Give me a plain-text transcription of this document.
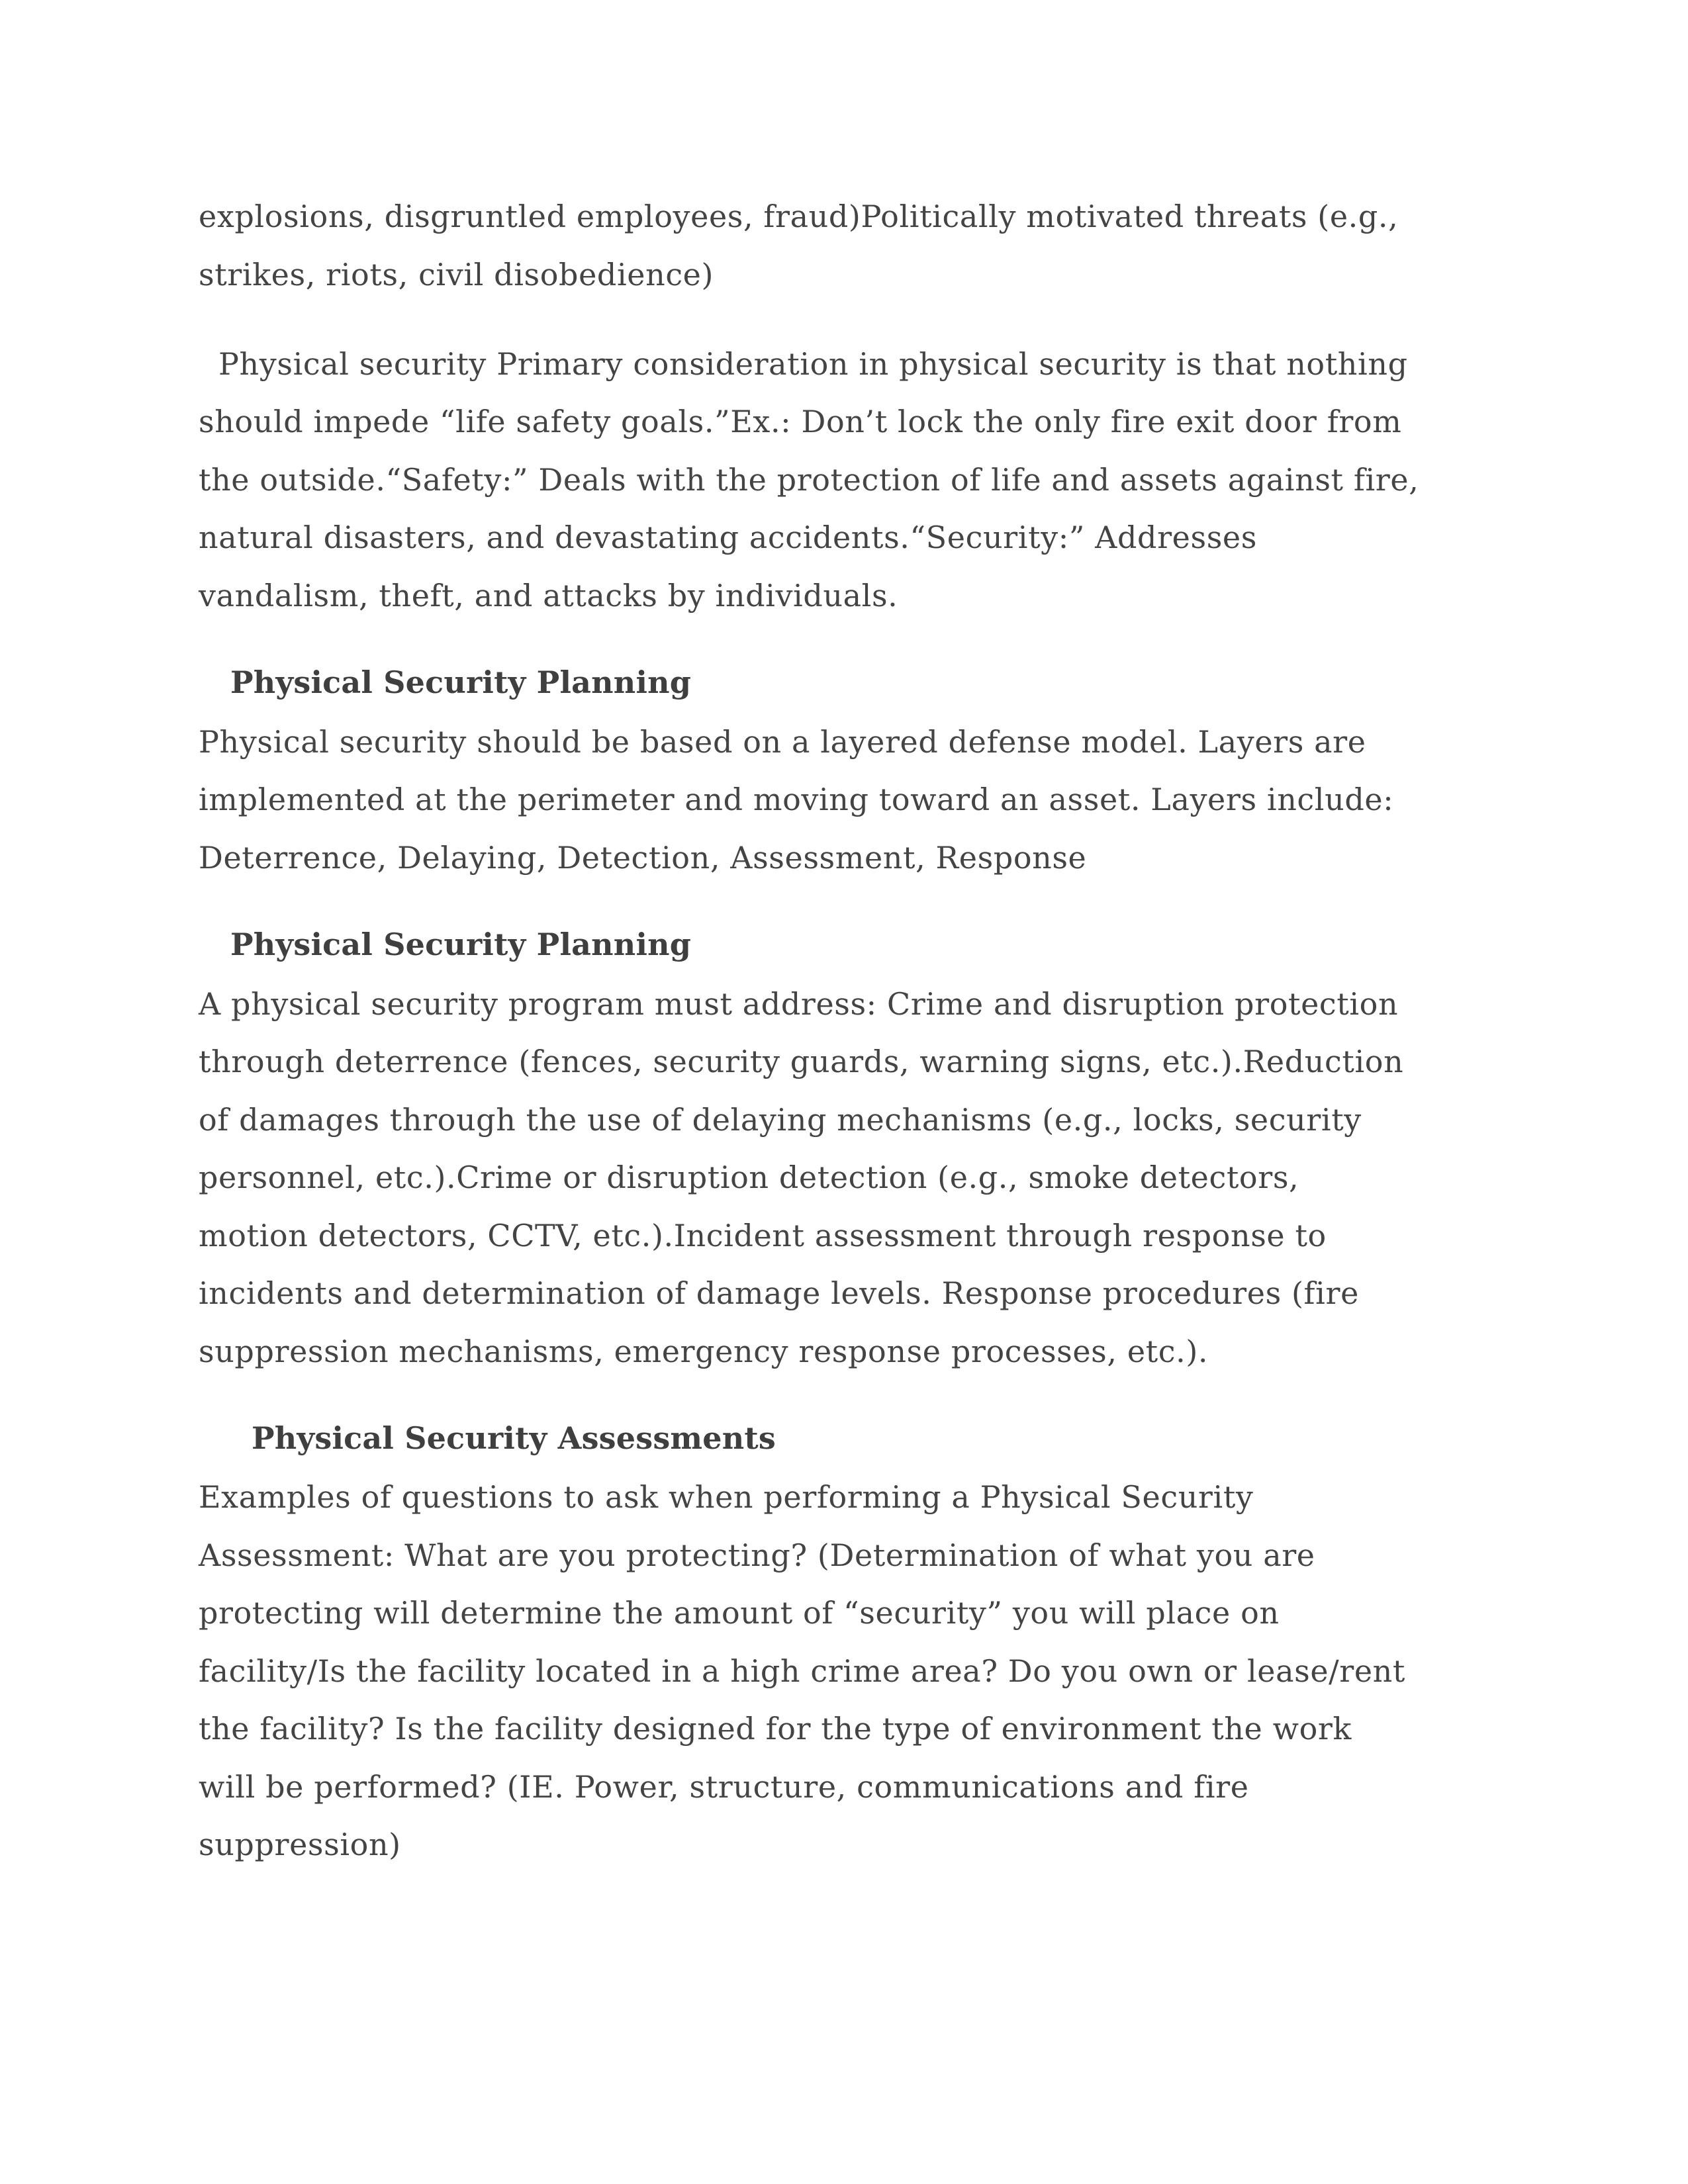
explosions, disgruntled employees, fraud)Politically motivated threats (e.g.,
strikes, riots, civil disobedience)
Physical security Primary consideration in physical security is that nothing
should impede “life safety goals.”Ex.: Don’t lock the only fire exit door from
the outside.“Safety:” Deals with the protection of life and assets against fire,
natural disasters, and devastating accidents.“Security:” Addresses
vandalism, theft, and attacks by individuals.
Physical Security Planning
Physical security should be based on a layered defense model. Layers are
implemented at the perimeter and moving toward an asset. Layers include:
Deterrence, Delaying, Detection, Assessment, Response
Physical Security Planning
A physical security program must address: Crime and disruption protection
through deterrence (fences, security guards, warning signs, etc.).Reduction
of damages through the use of delaying mechanisms (e.g., locks, security
personnel, etc.).Crime or disruption detection (e.g., smoke detectors,
motion detectors, CCTV, etc.).Incident assessment through response to
incidents and determination of damage levels. Response procedures (fire
suppression mechanisms, emergency response processes, etc.).
Physical Security Assessments
Examples of questions to ask when performing a Physical Security
Assessment: What are you protecting? (Determination of what you are
protecting will determine the amount of “security” you will place on
facility/Is the facility located in a high crime area? Do you own or lease/rent
the facility? Is the facility designed for the type of environment the work
will be performed? (IE. Power, structure, communications and fire
suppression)
